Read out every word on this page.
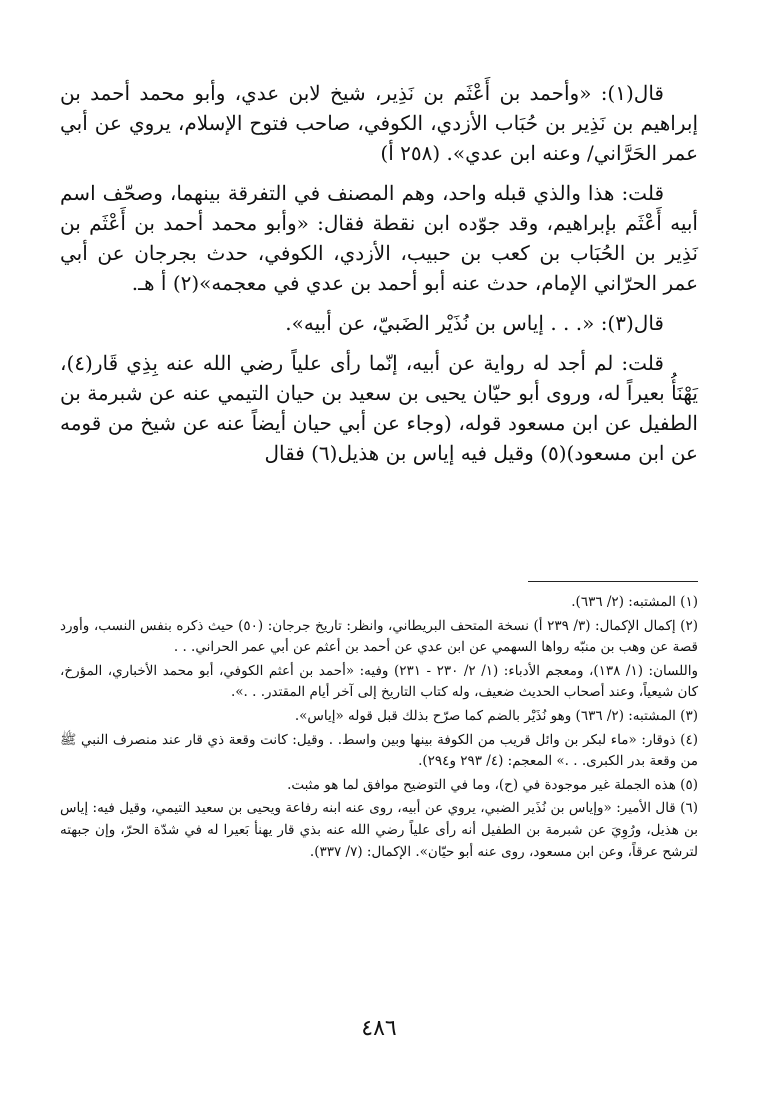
قال(١): «وأحمد بن أَعْثَم بن نَذِير، شيخ لابن عدي، وأبو محمد أحمد بن إبراهيم بن نَذِير بن حُبَاب الأزدي، الكوفي، صاحب فتوح الإسلام، يروي عن أبي عمر الحَرَّاني/ وعنه ابن عدي». (٢٥٨ أ)

قلت: هذا والذي قبله واحد، وهم المصنف في التفرقة بينهما، وصحّف اسم أبيه أَعْثَم بإبراهيم، وقد جوّده ابن نقطة فقال: «وأبو محمد أحمد بن أَعْثَم بن نَذِير بن الحُبَاب بن كعب بن حبيب، الأزدي، الكوفي، حدث بجرجان عن أبي عمر الحرّاني الإمام، حدث عنه أبو أحمد بن عدي في معجمه»(٢) أ هـ.

قال(٣): «. . . إياس بن نُذَيْر الضَبيّ، عن أبيه».

قلت: لم أجد له رواية عن أبيه، إنّما رأى علياً رضي الله عنه بِذِي قَار(٤)، يَهْنَأُ بعيراً له، وروى أبو حيّان يحيى بن سعيد بن حيان التيمي عنه عن شبرمة بن الطفيل عن ابن مسعود قوله، (وجاء عن أبي حيان أيضاً عنه عن شيخ من قومه عن ابن مسعود)(٥) وقيل فيه إياس بن هذيل(٦) فقال

(١) المشتبه: (٢/ ٦٣٦).
(٢) إكمال الإكمال: (٣/ ٢٣٩ أ) نسخة المتحف البريطاني، وانظر: تاريخ جرجان: (٥٠) حيث ذكره بنفس النسب، وأورد قصة عن وهب بن منبّه رواها السهمي عن ابن عدي عن أحمد بن أعثم عن أبي عمر الحراني. . .
واللسان: (١/ ١٣٨)، ومعجم الأدباء: (١/ ٢/ ٢٣٠ - ٢٣١) وفيه: «أحمد بن أعثم الكوفي، أبو محمد الأخباري، المؤرخ، كان شيعياً، وعند أصحاب الحديث ضعيف، وله كتاب التاريخ إلى آخر أيام المقتدر. . .».
(٣) المشتبه: (٢/ ٦٣٦) وهو نُذَيْر بالضم كما صرّح بذلك قبل قوله «إياس».
(٤) ذوقار: «ماء لبكر بن وائل قريب من الكوفة بينها وبين واسط. . وقيل: كانت وقعة ذي قار عند منصرف النبي ﷺ من وقعة بدر الكبرى. . .» المعجم: (٤/ ٢٩٣ و٢٩٤).
(٥) هذه الجملة غير موجودة في (ح)، وما في التوضيح موافق لما هو مثبت.
(٦) قال الأمير: «وإياس بن نُذَير الضبي، يروي عن أبيه، روى عنه ابنه رفاعة ويحيى بن سعيد التيمي، وقيل فيه: إياس بن هذيل، ورُوِيَ عن شبرمة بن الطفيل أنه رأى علياً رضي الله عنه بذي قار يهنأ بَعيرا له في شدّة الحرّ، وإن جبهته لترشح عرقاً، وعن ابن مسعود، روى عنه أبو حيّان». الإكمال: (٧/ ٣٣٧).
٤٨٦
